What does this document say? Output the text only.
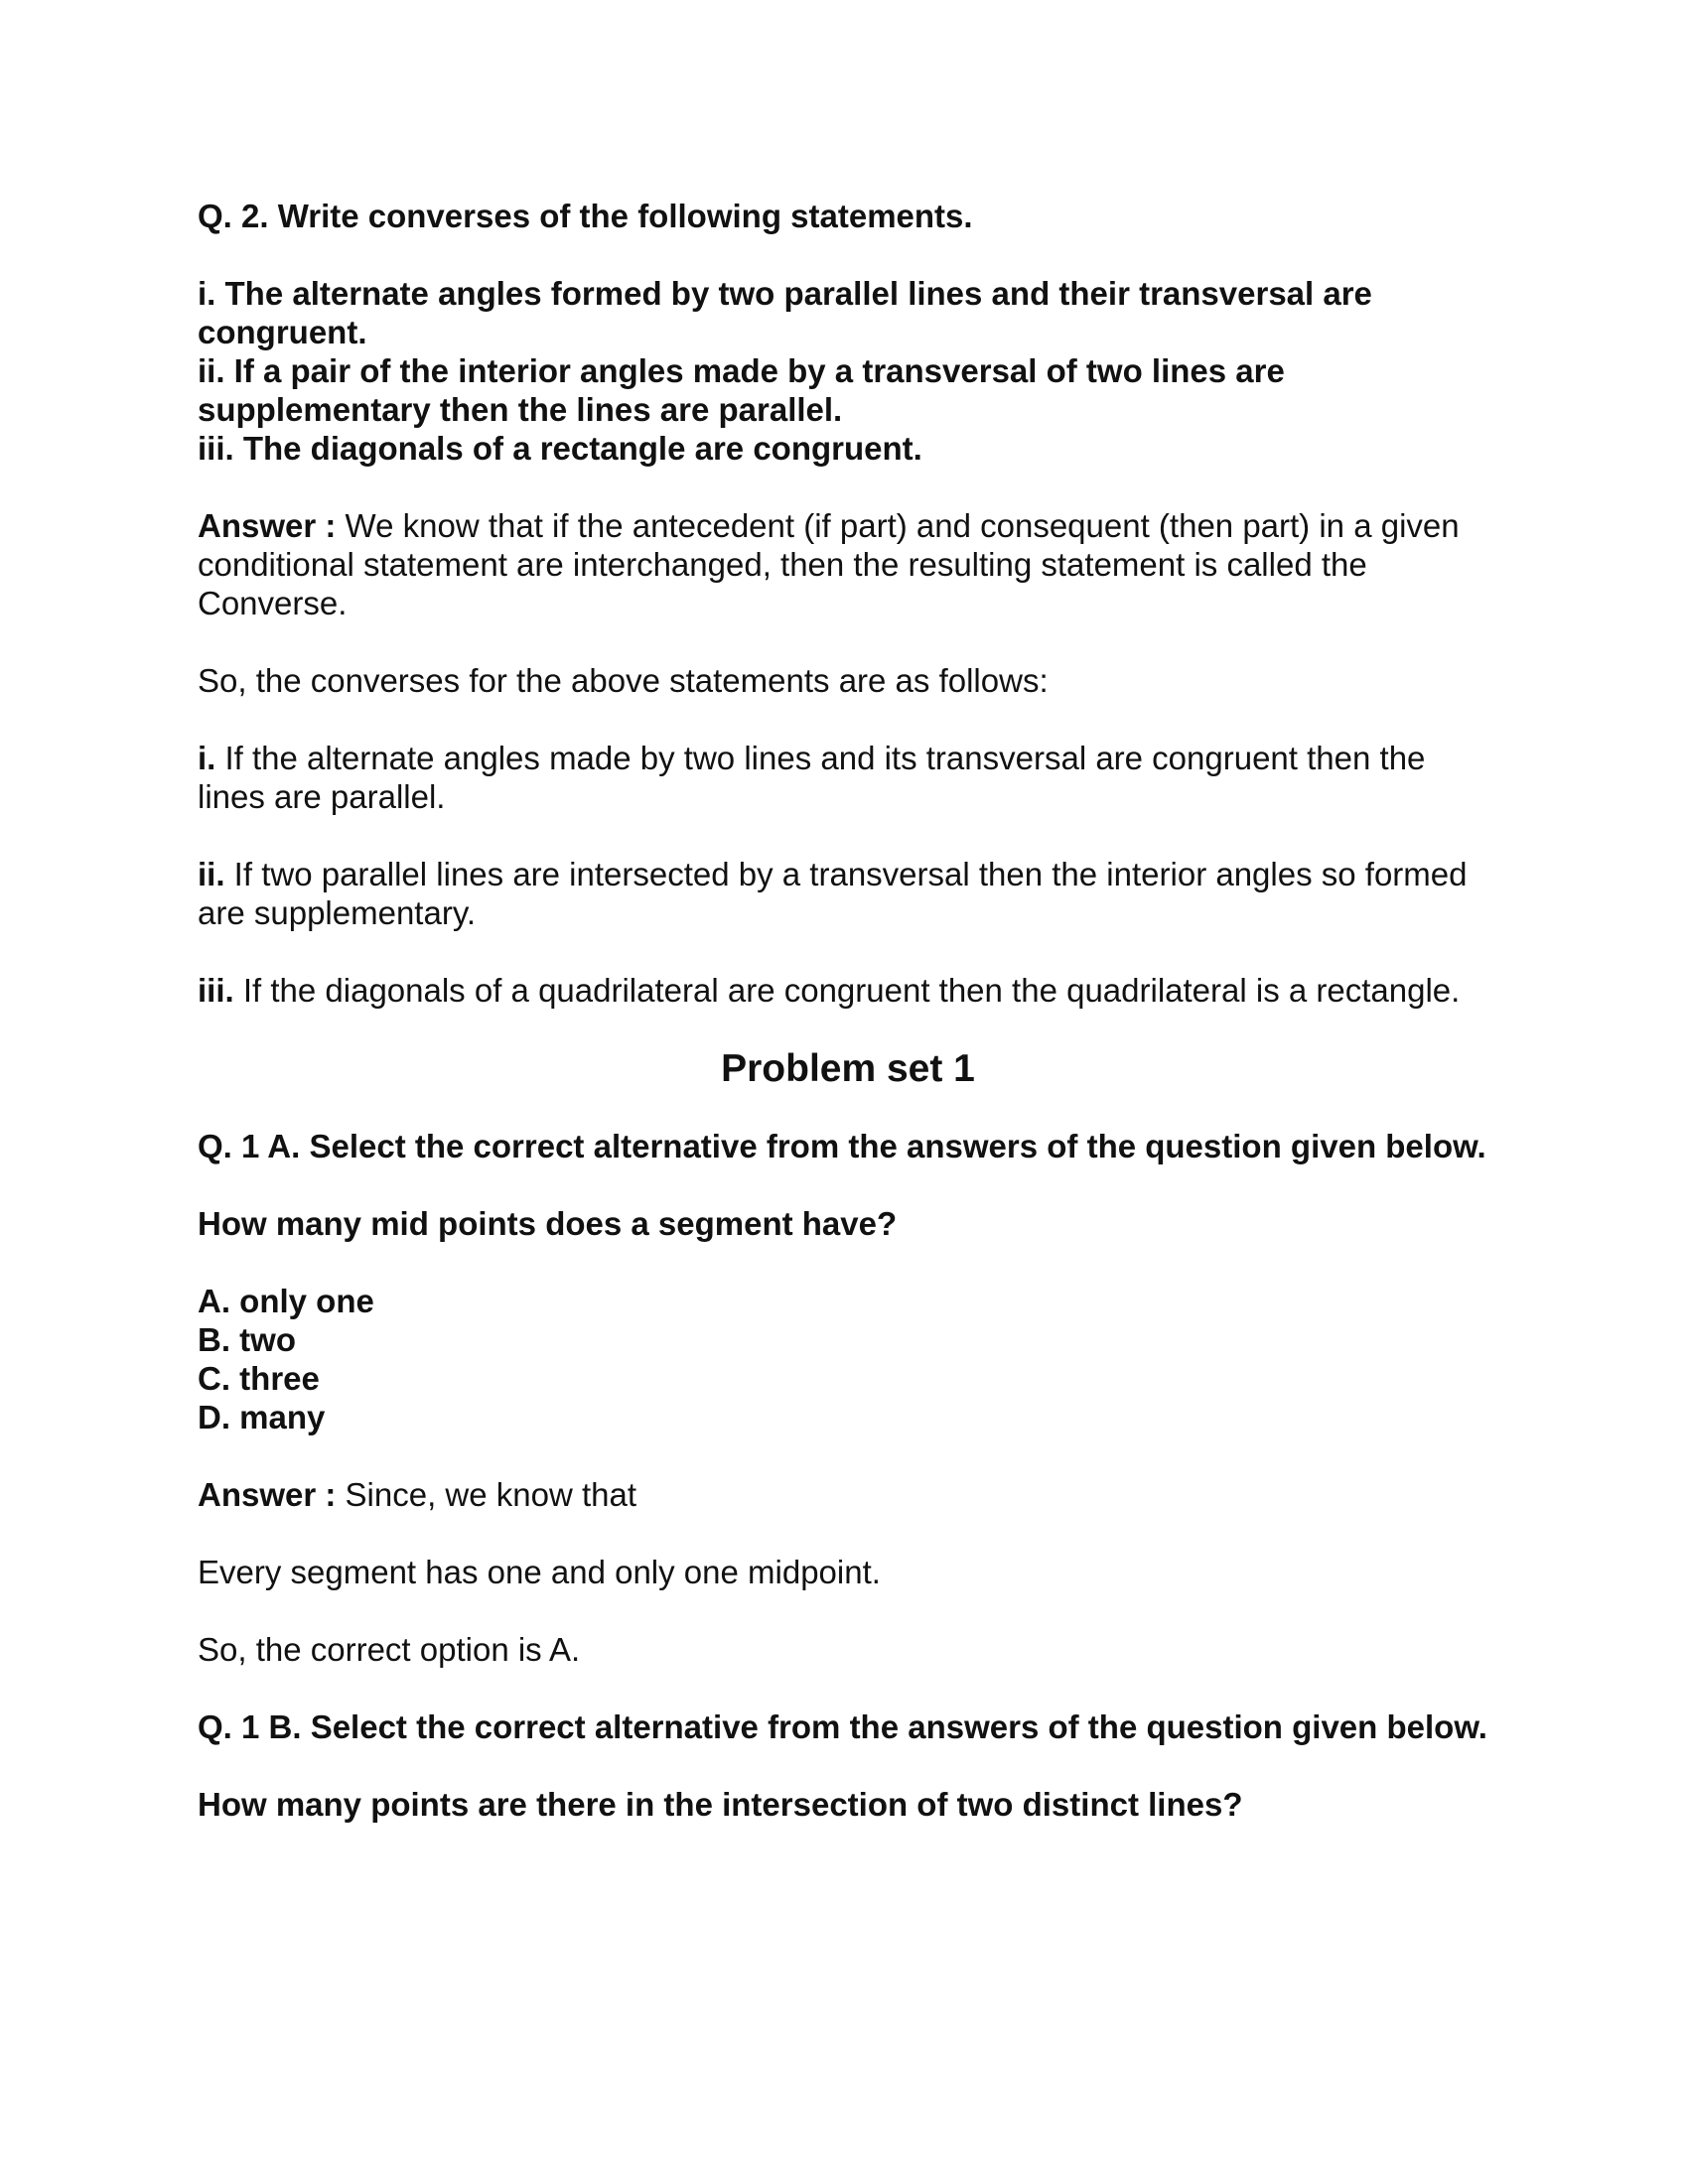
Q. 2. Write converses of the following statements.

i. The alternate angles formed by two parallel lines and their transversal are congruent.

ii. If a pair of the interior angles made by a transversal of two lines are supplementary then the lines are parallel.

iii. The diagonals of a rectangle are congruent.

Answer : We know that if the antecedent (if part) and consequent (then part) in a given conditional statement are interchanged, then the resulting statement is called the Converse.

So, the converses for the above statements are as follows:

i. If the alternate angles made by two lines and its transversal are congruent then the lines are parallel.

ii. If two parallel lines are intersected by a transversal then the interior angles so formed are supplementary.

iii. If the diagonals of a quadrilateral are congruent then the quadrilateral is a rectangle.

Problem set 1

Q. 1 A. Select the correct alternative from the answers of the question given below.

How many mid points does a segment have?

A. only one

B. two

C. three

D. many

Answer : Since, we know that

Every segment has one and only one midpoint.

So, the correct option is A.

Q. 1 B. Select the correct alternative from the answers of the question given below.

How many points are there in the intersection of two distinct lines?
